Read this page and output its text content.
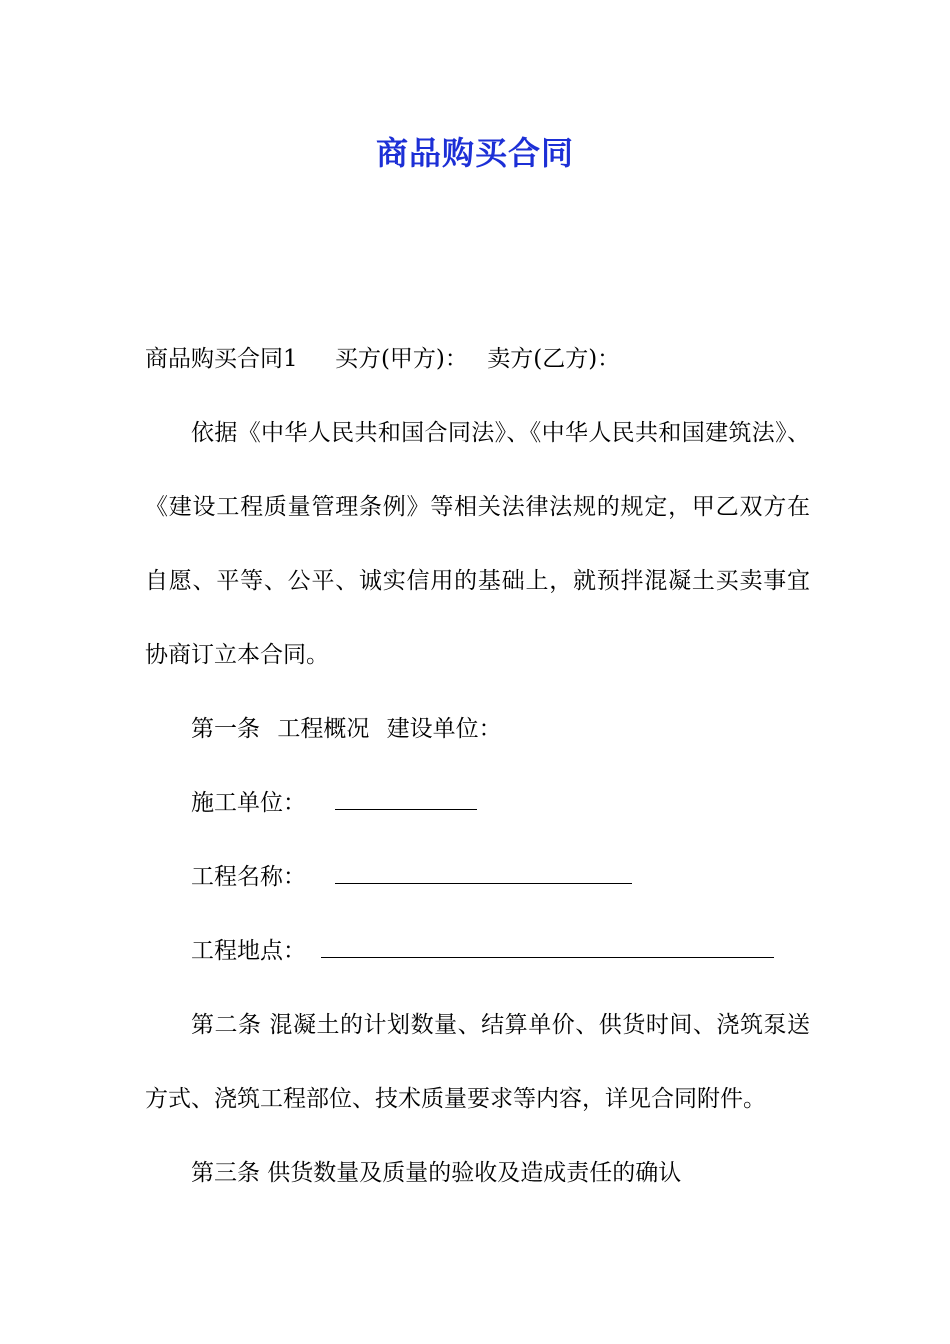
商品购买合同

商品购买合同1 买方(甲方)： 卖方(乙方)：

依据《中华人民共和国合同法》、《中华人民共和国建筑法》、《建设工程质量管理条例》等相关法律法规的规定，甲乙双方在自愿、平等、公平、诚实信用的基础上，就预拌混凝土买卖事宜协商订立本合同。

第一条 工程概况 建设单位：

施工单位：

工程名称：

工程地点：

第二条 混凝土的计划数量、结算单价、供货时间、浇筑泵送方式、浇筑工程部位、技术质量要求等内容，详见合同附件。

第三条 供货数量及质量的验收及造成责任的确认
